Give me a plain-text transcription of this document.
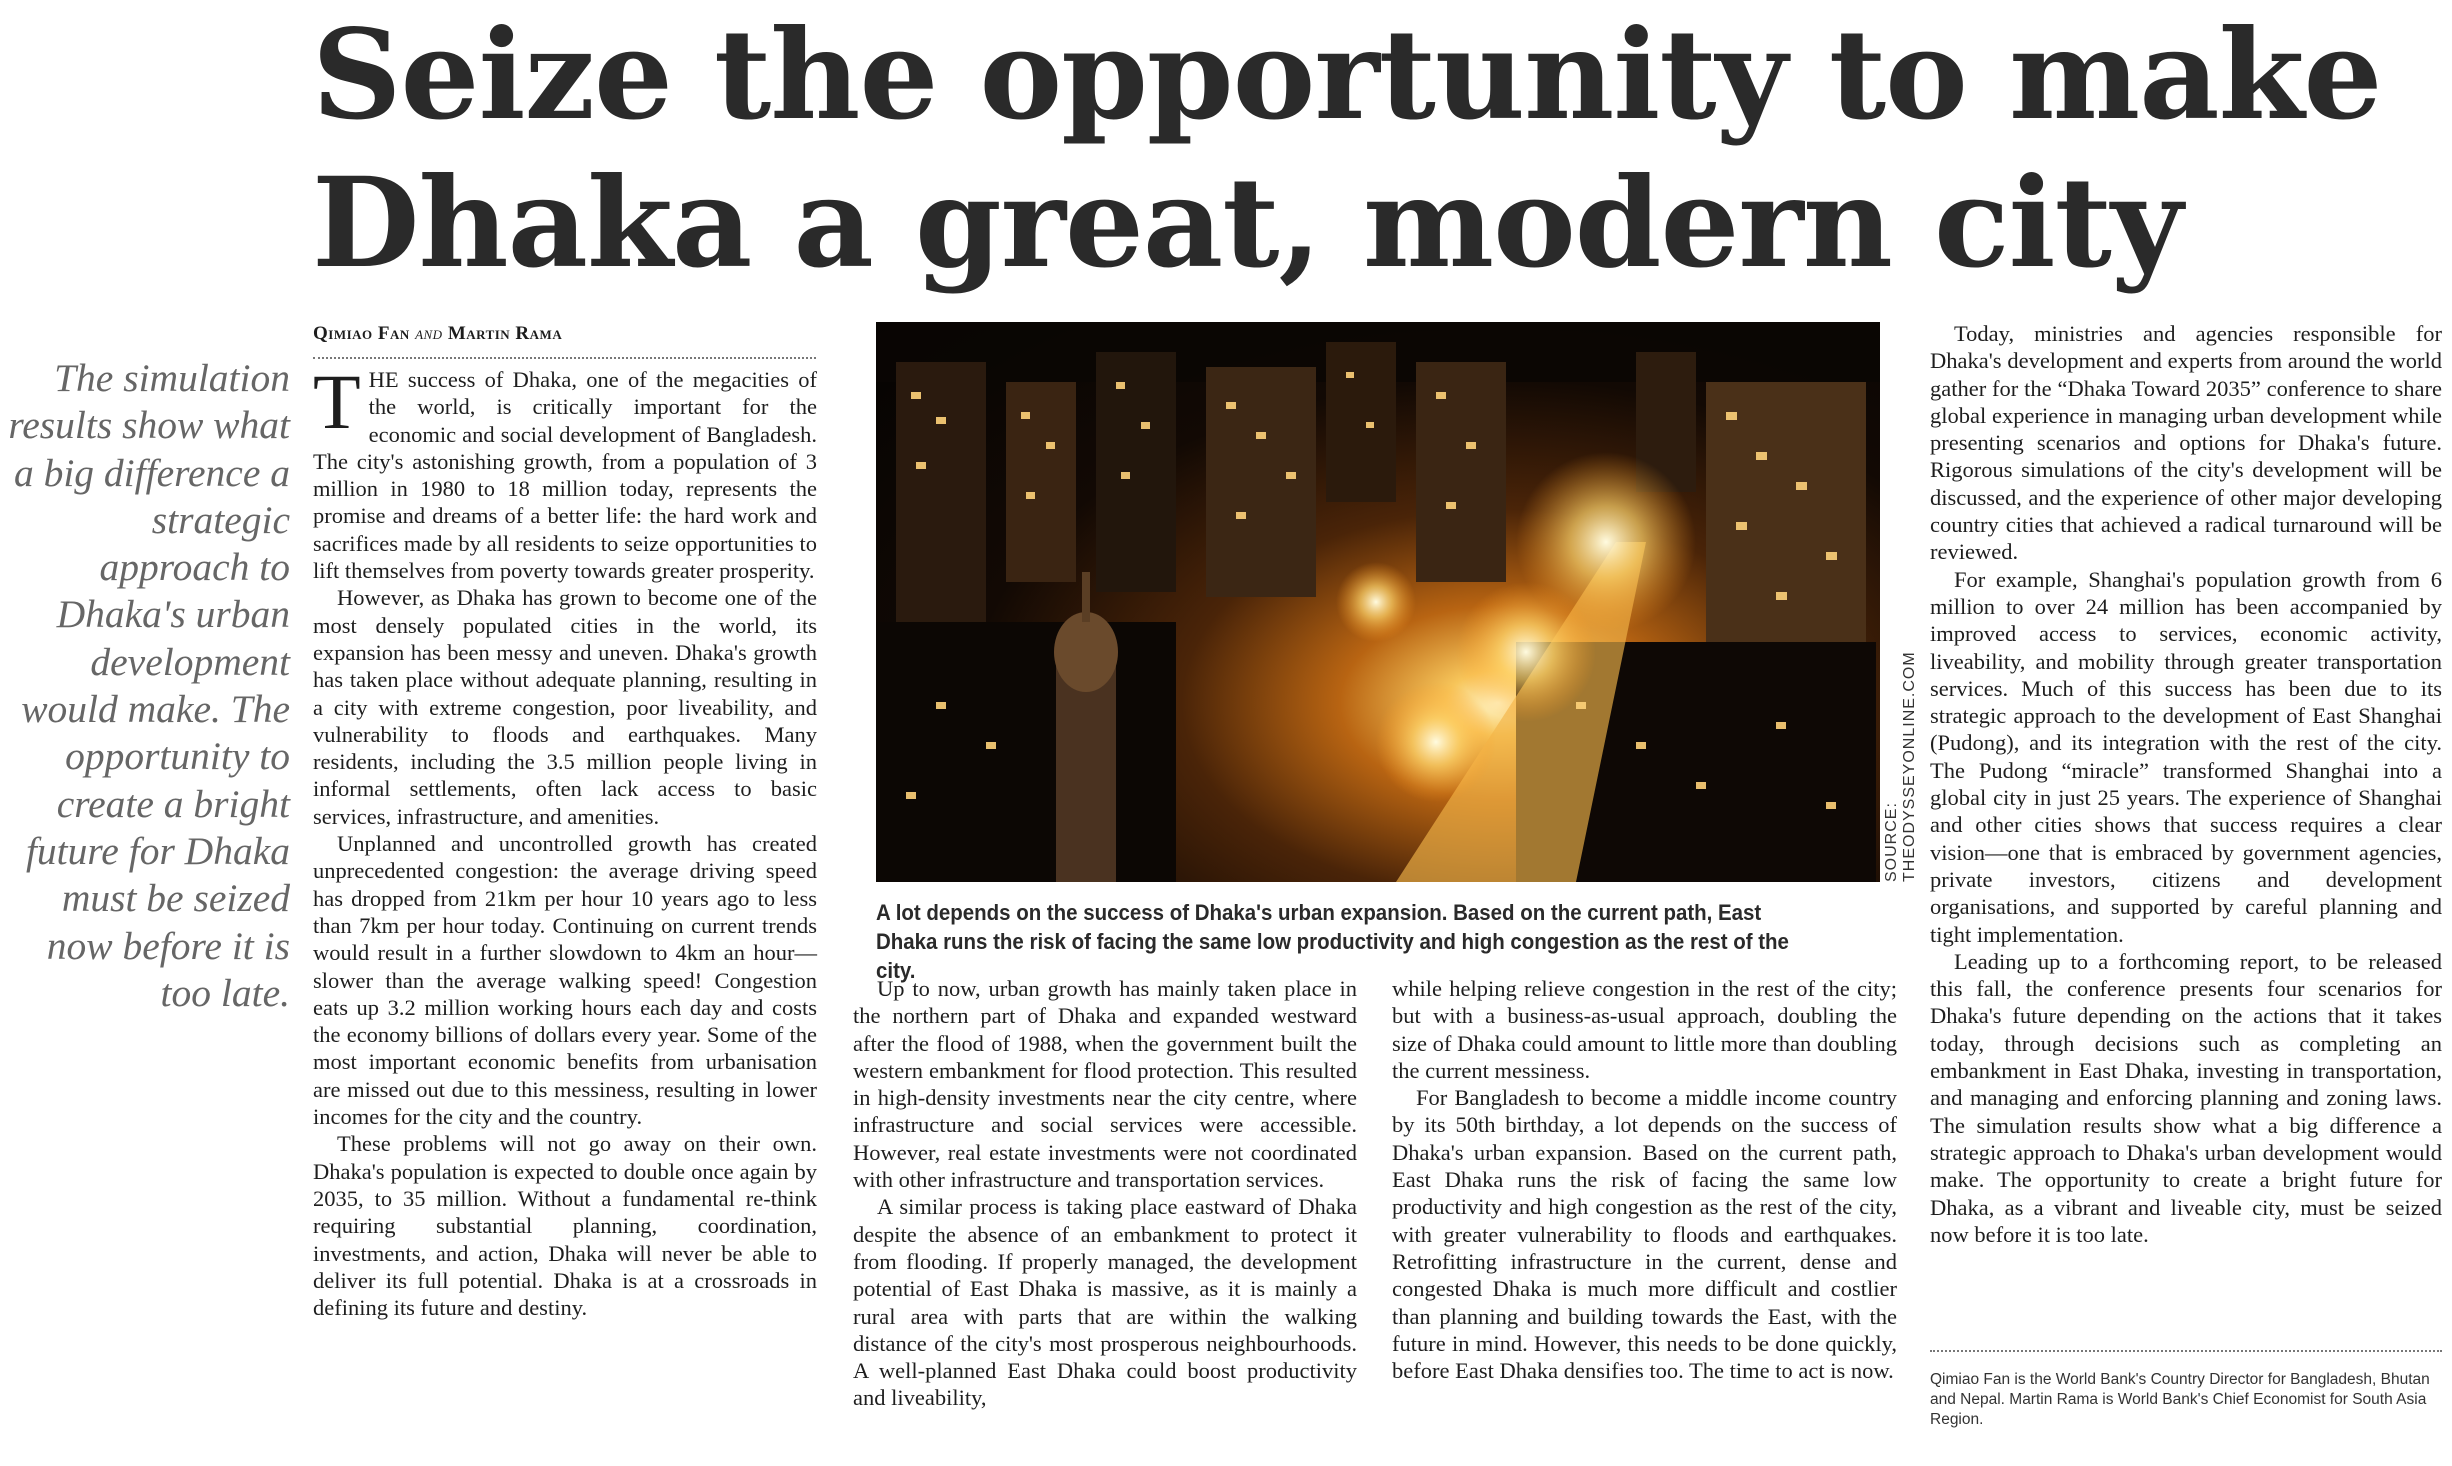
Seize the opportunity to make
Dhaka a great, modern city

The simulation results show what a big difference a strategic approach to Dhaka's urban development would make. The opportunity to create a bright future for Dhaka must be seized now before it is too late.

Qimiao Fan and Martin Rama

THE success of Dhaka, one of the megacities of the world, is critically important for the economic and social development of Bangladesh. The city's astonishing growth, from a population of 3 million in 1980 to 18 million today, represents the promise and dreams of a better life: the hard work and sacrifices made by all residents to seize opportunities to lift themselves from poverty towards greater prosperity.

However, as Dhaka has grown to become one of the most densely populated cities in the world, its expansion has been messy and uneven. Dhaka's growth has taken place without adequate planning, resulting in a city with extreme congestion, poor liveability, and vulnerability to floods and earthquakes. Many residents, including the 3.5 million people living in informal settlements, often lack access to basic services, infrastructure, and amenities.

Unplanned and uncontrolled growth has created unprecedented congestion: the average driving speed has dropped from 21km per hour 10 years ago to less than 7km per hour today. Continuing on current trends would result in a further slowdown to 4km an hour—slower than the average walking speed! Congestion eats up 3.2 million working hours each day and costs the economy billions of dollars every year. Some of the most important economic benefits from urbanisation are missed out due to this messiness, resulting in lower incomes for the city and the country.

These problems will not go away on their own. Dhaka's population is expected to double once again by 2035, to 35 million. Without a fundamental re-think requiring substantial planning, coordination, investments, and action, Dhaka will never be able to deliver its full potential. Dhaka is at a crossroads in defining its future and destiny.

SOURCE: THEODYSSEYONLINE.COM
A lot depends on the success of Dhaka's urban expansion. Based on the current path, East Dhaka runs the risk of facing the same low productivity and high congestion as the rest of the city.

Up to now, urban growth has mainly taken place in the northern part of Dhaka and expanded westward after the flood of 1988, when the government built the western embankment for flood protection. This resulted in high-density investments near the city centre, where infrastructure and social services were accessible. However, real estate investments were not coordinated with other infrastructure and transportation services.

A similar process is taking place eastward of Dhaka despite the absence of an embankment to protect it from flooding. If properly managed, the development potential of East Dhaka is massive, as it is mainly a rural area with parts that are within the walking distance of the city's most prosperous neighbourhoods. A well-planned East Dhaka could boost productivity and liveability,

while helping relieve congestion in the rest of the city; but with a business-as-usual approach, doubling the size of Dhaka could amount to little more than doubling the current messiness.

For Bangladesh to become a middle income country by its 50th birthday, a lot depends on the success of Dhaka's urban expansion. Based on the current path, East Dhaka runs the risk of facing the same low productivity and high congestion as the rest of the city, with greater vulnerability to floods and earthquakes. Retrofitting infrastructure in the current, dense and congested Dhaka is much more difficult and costlier than planning and building towards the East, with the future in mind. However, this needs to be done quickly, before East Dhaka densifies too. The time to act is now.

Today, ministries and agencies responsible for Dhaka's development and experts from around the world gather for the “Dhaka Toward 2035” conference to share global experience in managing urban development while presenting scenarios and options for Dhaka's future. Rigorous simulations of the city's development will be discussed, and the experience of other major developing country cities that achieved a radical turnaround will be reviewed.

For example, Shanghai's population growth from 6 million to over 24 million has been accompanied by improved access to services, economic activity, liveability, and mobility through greater transportation services. Much of this success has been due to its strategic approach to the development of East Shanghai (Pudong), and its integration with the rest of the city. The Pudong “miracle” transformed Shanghai into a global city in just 25 years. The experience of Shanghai and other cities shows that success requires a clear vision—one that is embraced by government agencies, private investors, citizens and development organisations, and supported by careful planning and tight implementation.

Leading up to a forthcoming report, to be released this fall, the conference presents four scenarios for Dhaka's future depending on the actions that it takes today, through decisions such as completing an embankment in East Dhaka, investing in transportation, and managing and enforcing planning and zoning laws. The simulation results show what a big difference a strategic approach to Dhaka's urban development would make. The opportunity to create a bright future for Dhaka, as a vibrant and liveable city, must be seized now before it is too late.

Qimiao Fan is the World Bank's Country Director for Bangladesh, Bhutan and Nepal. Martin Rama is World Bank's Chief Economist for South Asia Region.
